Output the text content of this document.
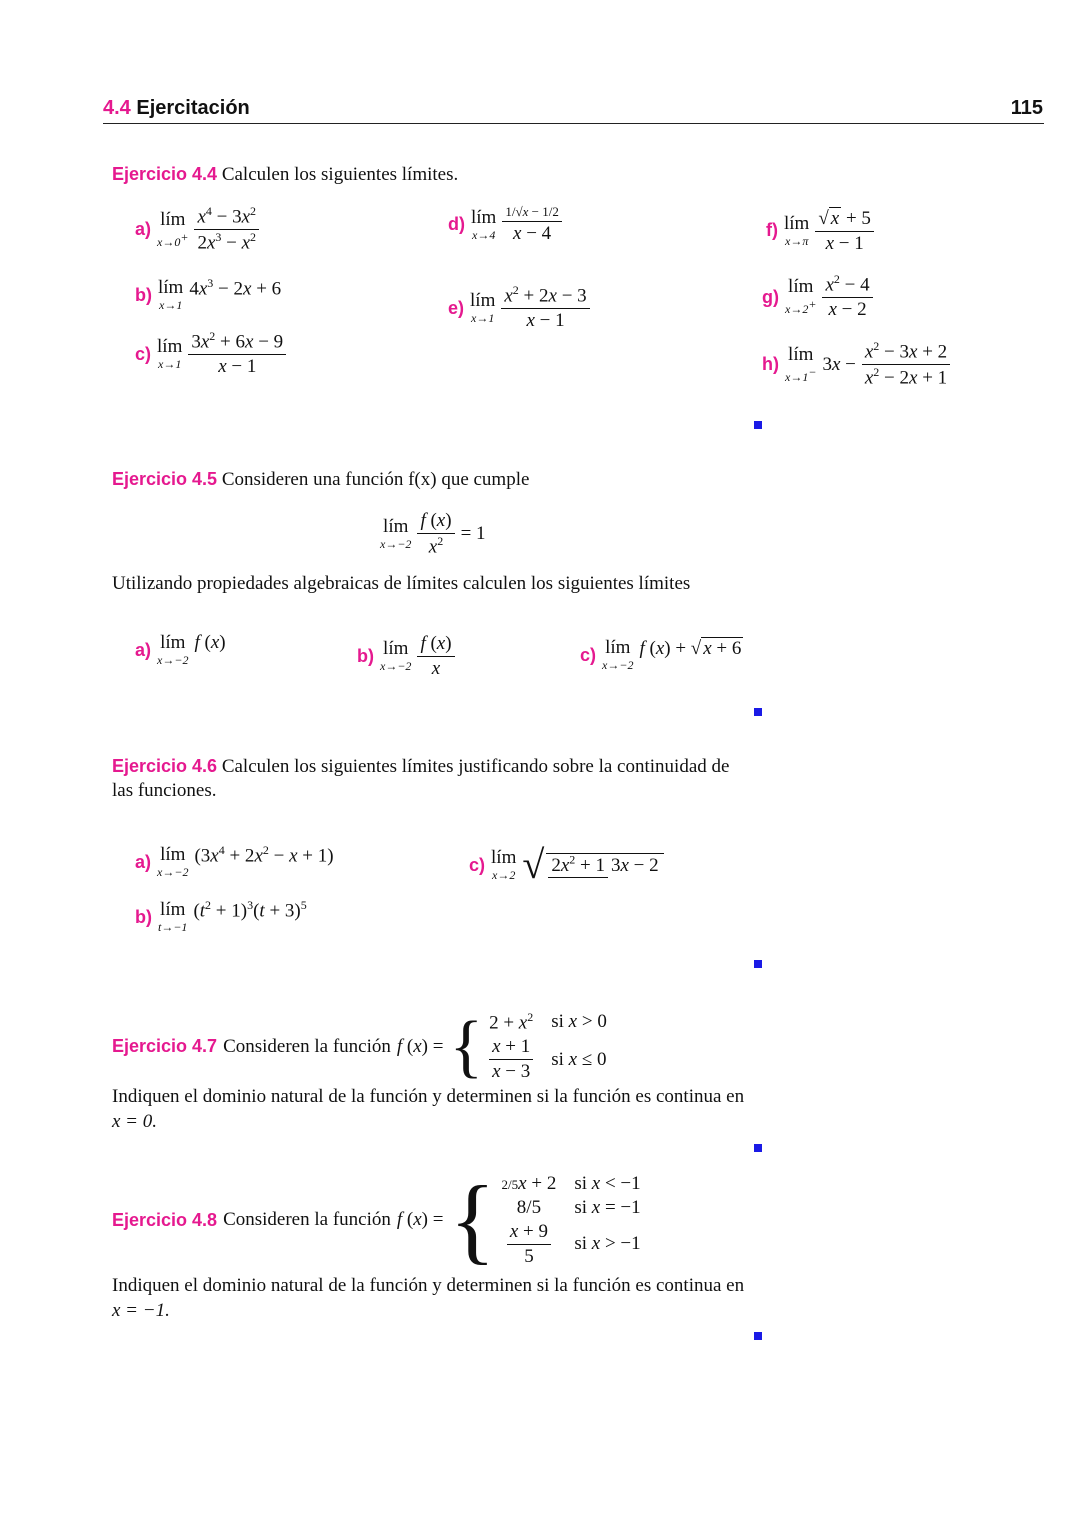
4.4 Ejercitación	115
Ejercicio 4.4 Calculen los siguientes límites.
a) lím
$x\to 0^+ \frac{x^4 - 3x^2}{2x^3 - x^2}$
b) lím
x→1
$4x^3 - 2x + 6$
c) lím
$x\to 1 \frac{3x^2 + 6x - 9}{x - 1}$
d) lím
$x\to 4 \frac{1/√x - 1/2}{x - 4}$
e) lím
$x\to 1 \frac{x^2 + 2x - 3}{x - 1}$
f) lím
$x\to\pi \frac{√ x + 5}{x - 1}$
g) lím
$x\to 2^+ \frac{x^2 - 4}{x - 2}$
h) lím
x→1− $3x - \frac{x^2 - 3x + 2}{x^2 - 2x + 1}$
Ejercicio 4.5 Consideren una función f(x) que cumple
lím
$x\to-2 \frac{f (x)}{x^2} = 1$
Utilizando propiedades algebraicas de límites calculen los siguientes límites
a) lím
x→−2
f (x)
b) lím
$x\to-2 \frac{f (x)}{x}$	c) lím
x→−2
f (x) + √ x + 6
Ejercicio 4.6 Calculen los siguientes límites justificando sobre la continuidad de
las funciones.
a) lím
x→−2
$(3x^4 + 2x^2 - x + 1)$
b) lím
t→−1
$(t^2 + 1)^3(t + 3)^5$
c) lím
x→2 √ $2x^2 + 1$ 3x − 2
Ejercicio 4.7 Consideren la función f (x) = { $2 + x^2$ si x > 0
$\frac{x + 1}{x - 3}$ si x ≤ 0
Indiquen el dominio natural de la función y determinen si la función es continua en
x = 0.
Ejercicio 4.8 Consideren la función f (x) = { 2/5x + 2 si x < −1
8/5	si x = −1
$\frac{x + 9}{5}$ si x > −1
Indiquen el dominio natural de la función y determinen si la función es continua en
x = −1.
